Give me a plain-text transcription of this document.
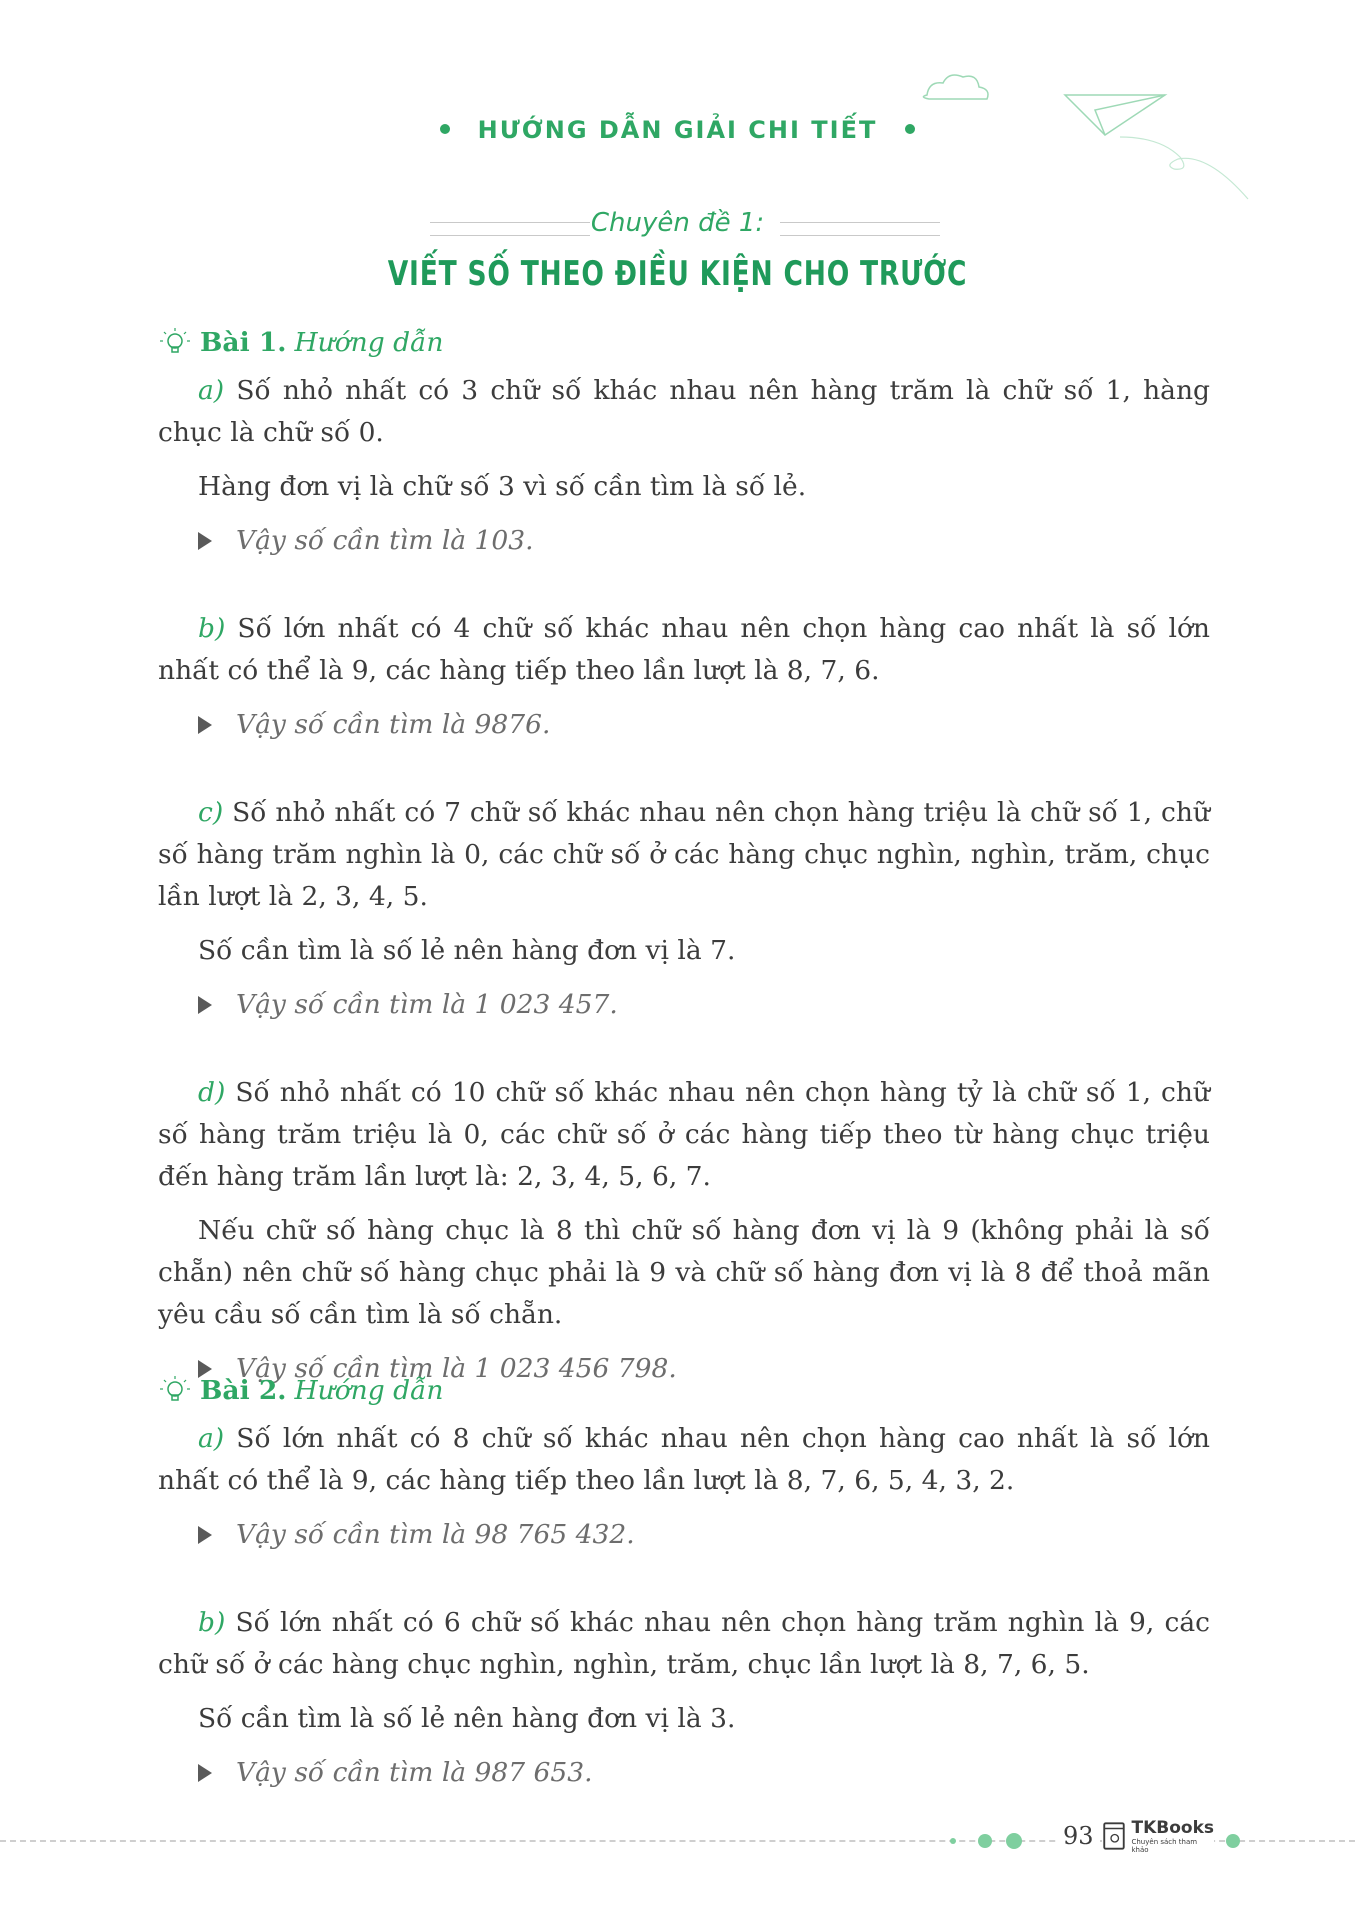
HƯỚNG DẪN GIẢI CHI TIẾT
Chuyên đề 1:
VIẾT SỐ THEO ĐIỀU KIỆN CHO TRƯỚC
Bài 1. Hướng dẫn

a) Số nhỏ nhất có 3 chữ số khác nhau nên hàng trăm là chữ số 1, hàng chục là chữ số 0.

Hàng đơn vị là chữ số 3 vì số cần tìm là số lẻ.

Vậy số cần tìm là 103.

b) Số lớn nhất có 4 chữ số khác nhau nên chọn hàng cao nhất là số lớn nhất có thể là 9, các hàng tiếp theo lần lượt là 8, 7, 6.

Vậy số cần tìm là 9876.

c) Số nhỏ nhất có 7 chữ số khác nhau nên chọn hàng triệu là chữ số 1, chữ số hàng trăm nghìn là 0, các chữ số ở các hàng chục nghìn, nghìn, trăm, chục lần lượt là 2, 3, 4, 5.

Số cần tìm là số lẻ nên hàng đơn vị là 7.

Vậy số cần tìm là 1 023 457.

d) Số nhỏ nhất có 10 chữ số khác nhau nên chọn hàng tỷ là chữ số 1, chữ số hàng trăm triệu là 0, các chữ số ở các hàng tiếp theo từ hàng chục triệu đến hàng trăm lần lượt là: 2, 3, 4, 5, 6, 7.

Nếu chữ số hàng chục là 8 thì chữ số hàng đơn vị là 9 (không phải là số chẵn) nên chữ số hàng chục phải là 9 và chữ số hàng đơn vị là 8 để thoả mãn yêu cầu số cần tìm là số chẵn.

Vậy số cần tìm là 1 023 456 798.
Bài 2. Hướng dẫn

a) Số lớn nhất có 8 chữ số khác nhau nên chọn hàng cao nhất là số lớn nhất có thể là 9, các hàng tiếp theo lần lượt là 8, 7, 6, 5, 4, 3, 2.

Vậy số cần tìm là 98 765 432.

b) Số lớn nhất có 6 chữ số khác nhau nên chọn hàng trăm nghìn là 9, các chữ số ở các hàng chục nghìn, nghìn, trăm, chục lần lượt là 8, 7, 6, 5.

Số cần tìm là số lẻ nên hàng đơn vị là 3.

Vậy số cần tìm là 987 653.
93	TKBooks
Chuyên sách tham khảo
